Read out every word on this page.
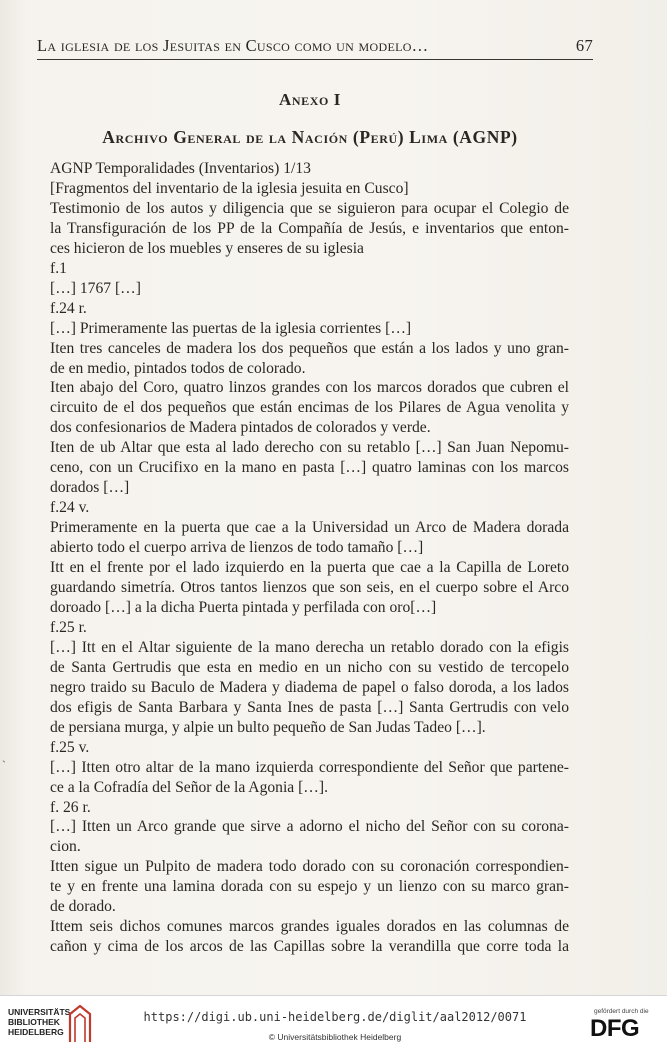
La iglesia de los Jesuitas en Cusco como un modelo…	67
Anexo I
Archivo General de la Nación (Perú) Lima (AGNP)
AGNP Temporalidades (Inventarios) 1/13
[Fragmentos del inventario de la iglesia jesuita en Cusco]
Testimonio de los autos y diligencia que se siguieron para ocupar el Colegio de
la Transfiguración de los PP de la Compañía de Jesús, e inventarios que enton-
ces hicieron de los muebles y enseres de su iglesia
f.1
[…] 1767 […]
f.24 r.
[…] Primeramente las puertas de la iglesia corrientes […]
Iten tres canceles de madera los dos pequeños que están a los lados y uno gran-
de en medio, pintados todos de colorado.
Iten abajo del Coro, quatro linzos grandes con los marcos dorados que cubren el
circuito de el dos pequeños que están encimas de los Pilares de Agua venolita y
dos confesionarios de Madera pintados de colorados y verde.
Iten de ub Altar que esta al lado derecho con su retablo […] San Juan Nepomu-
ceno, con un Crucifixo en la mano en pasta […] quatro laminas con los marcos
dorados […]
f.24 v.
Primeramente en la puerta que cae a la Universidad un Arco de Madera dorada
abierto todo el cuerpo arriva de lienzos de todo tamaño […]
Itt en el frente por el lado izquierdo en la puerta que cae a la Capilla de Loreto
guardando simetría. Otros tantos lienzos que son seis, en el cuerpo sobre el Arco
doroado […] a la dicha Puerta pintada y perfilada con oro[…]
f.25 r.
[…] Itt en el Altar siguiente de la mano derecha un retablo dorado con la efigis
de Santa Gertrudis que esta en medio en un nicho con su vestido de tercopelo
negro traido su Baculo de Madera y diadema de papel o falso doroda, a los lados
dos efigis de Santa Barbara y Santa Ines de pasta […] Santa Gertrudis con velo
de persiana murga, y alpie un bulto pequeño de San Judas Tadeo […].
f.25 v.
[…] Itten otro altar de la mano izquierda correspondiente del Señor que partene-
ce a la Cofradía del Señor de la Agonia […].
f. 26 r.
[…] Itten un Arco grande que sirve a adorno el nicho del Señor con su corona-
cion.
Itten sigue un Pulpito de madera todo dorado con su coronación correspondien-
te y en frente una lamina dorada con su espejo y un lienzo con su marco gran-
de dorado.
Ittem seis dichos comunes marcos grandes iguales dorados en las columnas de
cañon y cima de los arcos de las Capillas sobre la verandilla que corre toda la
ˋ
UNIVERSITÄTS-
BIBLIOTHEK
HEIDELBERG
https://digi.ub.uni-heidelberg.de/diglit/aal2012/0071
© Universitätsbibliothek Heidelberg
gefördert durch die
DFG
